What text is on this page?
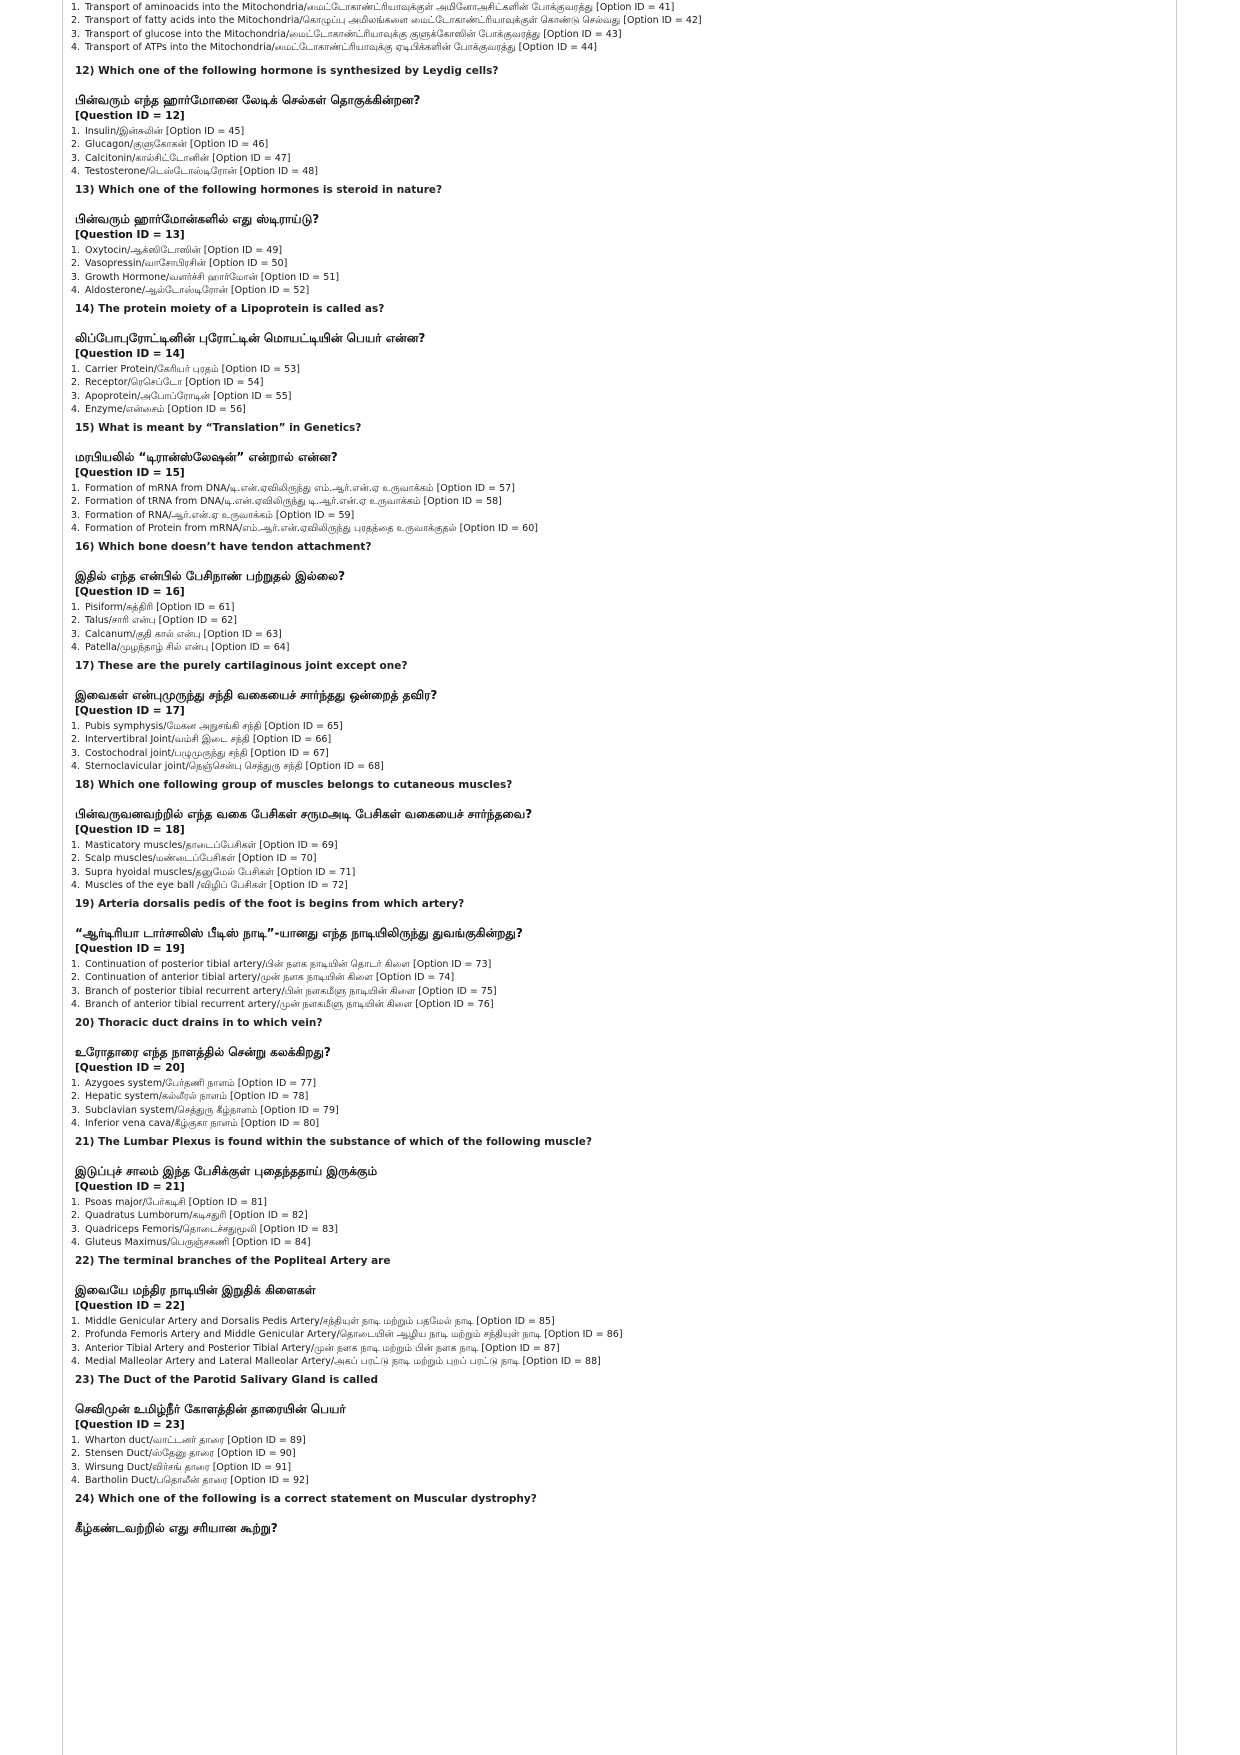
1. Transport of aminoacids into the Mitochondria/மைட்டோகாண்ட்ரியாவுக்குள் அமினோஅசிட்களின் போக்குவரத்து [Option ID = 41]
2. Transport of fatty acids into the Mitochondria/கொழுப்பு அமிலங்களை மைட்டோகாண்ட்ரியாவுக்குள் கொண்டு செல்வது [Option ID = 42]
3. Transport of glucose into the Mitochondria/மைட்டோகாண்ட்ரியாவுக்கு குளுக்கோஸின் போக்குவரத்து [Option ID = 43]
4. Transport of ATPs into the Mitochondria/மைட்டோகாண்ட்ரியாவுக்கு ஏடிபிக்களின் போக்குவரத்து [Option ID = 44]
12) Which one of the following hormone is synthesized by Leydig cells?
பின்வரும் எந்த ஹார்மோனை லேடிக் செல்கள் தொகுக்கின்றன?
[Question ID = 12]
1. Insulin/இன்சுலின் [Option ID = 45]
2. Glucagon/குளுகோகன் [Option ID = 46]
3. Calcitonin/கால்சிட்டோனின் [Option ID = 47]
4. Testosterone/டெஸ்டோஸ்டிரோன் [Option ID = 48]
13) Which one of the following hormones is steroid in nature?
பின்வரும் ஹார்மோன்களில் எது ஸ்டிராய்டு?
[Question ID = 13]
1. Oxytocin/ஆக்ஸிடோஸின் [Option ID = 49]
2. Vasopressin/வாசோபிரசின் [Option ID = 50]
3. Growth Hormone/வளர்ச்சி ஹார்மோன் [Option ID = 51]
4. Aldosterone/ஆல்டோஸ்டிரோன் [Option ID = 52]
14) The protein moiety of a Lipoprotein is called as?
லிப்போபுரோட்டினின் புரோட்டின் மொயட்டியின் பெயர் என்ன?
[Question ID = 14]
1. Carrier Protein/கேரியர் புரதம் [Option ID = 53]
2. Receptor/ரெசெப்டோ [Option ID = 54]
3. Apoprotein/அபோப்ரோடின் [Option ID = 55]
4. Enzyme/என்சைம் [Option ID = 56]
15) What is meant by “Translation” in Genetics?
மரபியலில் “டிரான்ஸ்லேஷன்” என்றால் என்ன?
[Question ID = 15]
1. Formation of mRNA from DNA/டி.என்.ஏவிலிருந்து எம்.ஆர்.என்.ஏ உருவாக்கம் [Option ID = 57]
2. Formation of tRNA from DNA/டி.என்.ஏவிலிருந்து டி.ஆர்.என்.ஏ உருவாக்கம் [Option ID = 58]
3. Formation of RNA/ஆர்.என்.ஏ உருவாக்கம் [Option ID = 59]
4. Formation of Protein from mRNA/எம்.ஆர்.என்.ஏவிலிருந்து புரதத்தை உருவாக்குதல் [Option ID = 60]
16) Which bone doesn’t have tendon attachment?
இதில் எந்த என்பில் பேசிநாண் பற்றுதல் இல்லை?
[Question ID = 16]
1. Pisiform/சுத்திரி [Option ID = 61]
2. Talus/சாரி என்பு [Option ID = 62]
3. Calcanum/குதி கால் என்பு [Option ID = 63]
4. Patella/முழந்தாழ் சில் என்பு [Option ID = 64]
17) These are the purely cartilaginous joint except one?
இவைகள் என்புமுருந்து சந்தி வகையைச் சார்ந்தது ஒன்றைத் தவிர?
[Question ID = 17]
1. Pubis symphysis/மேகன அநுசங்கி சந்தி [Option ID = 65]
2. Intervertibral Joint/வம்சி இடை சந்தி [Option ID = 66]
3. Costochodral joint/பழுமுருந்து சந்தி [Option ID = 67]
4. Sternoclavicular joint/நெஞ்சென்பு செத்துரு சந்தி [Option ID = 68]
18) Which one following group of muscles belongs to cutaneous muscles?
பின்வருவனவற்றில் எந்த வகை பேசிகள் சருமஅடி பேசிகள் வகையைச் சார்ந்தவை?
[Question ID = 18]
1. Masticatory muscles/தாடைப்பேசிகள் [Option ID = 69]
2. Scalp muscles/மண்டைப்பேசிகள் [Option ID = 70]
3. Supra hyoidal muscles/தனுமேல் பேசிகள் [Option ID = 71]
4. Muscles of the eye ball /விழிப் பேசிகள் [Option ID = 72]
19) Arteria dorsalis pedis of the foot is begins from which artery?
“ஆர்டிரியா டார்சாலிஸ் பீடிஸ் நாடி”-யானது எந்த நாடியிலிருந்து துவங்குகின்றது?
[Question ID = 19]
1. Continuation of posterior tibial artery/பின் நளக நாடியின் தொடர் கிளை [Option ID = 73]
2. Continuation of anterior tibial artery/முன் நளக நாடியின் கிளை [Option ID = 74]
3. Branch of posterior tibial recurrent artery/பின் நளகமீளு நாடியின் கிளை [Option ID = 75]
4. Branch of anterior tibial recurrent artery/முன் நளகமீளு நாடியின் கிளை [Option ID = 76]
20) Thoracic duct drains in to which vein?
உரோதாரை எந்த நாளத்தில் சென்று கலக்கிறது?
[Question ID = 20]
1. Azygoes system/பேர்தணி நாளம் [Option ID = 77]
2. Hepatic system/கல்லீரல் நாளம் [Option ID = 78]
3. Subclavian system/செத்துரு கீழ்நாளம் [Option ID = 79]
4. Inferior vena cava/கீழ்குகா நாளம் [Option ID = 80]
21) The Lumbar Plexus is found within the substance of which of the following muscle?
இடுப்புச் சாலம் இந்த பேசிக்குள் புதைந்ததாய் இருக்கும்
[Question ID = 21]
1. Psoas major/பேர்கடிசி [Option ID = 81]
2. Quadratus Lumborum/கடிசதுரி [Option ID = 82]
3. Quadriceps Femoris/தொடைச்சதுமூலி [Option ID = 83]
4. Gluteus Maximus/பெருஞ்சகணி [Option ID = 84]
22) The terminal branches of the Popliteal Artery are
இவையே மந்திர நாடியின் இறுதிக் கிளைகள்
[Question ID = 22]
1. Middle Genicular Artery and Dorsalis Pedis Artery/சந்தியுள் நாடி மற்றும் பதமேல் நாடி [Option ID = 85]
2. Profunda Femoris Artery and Middle Genicular Artery/தொடையின் ஆழிய நாடி மற்றும் சந்தியுள் நாடி [Option ID = 86]
3. Anterior Tibial Artery and Posterior Tibial Artery/முன் நளக நாடி மற்றும் பின் நளக நாடி [Option ID = 87]
4. Medial Malleolar Artery and Lateral Malleolar Artery/அகப் பரட்டு நாடி மற்றும் புறப் பரட்டு நாடி [Option ID = 88]
23) The Duct of the Parotid Salivary Gland is called
செவிமுன் உமிழ்நீர் கோளத்தின் தாரையின் பெயர்
[Question ID = 23]
1. Wharton duct/வாட்டனர் தாரை [Option ID = 89]
2. Stensen Duct/ஸ்தேனு தாரை [Option ID = 90]
3. Wirsung Duct/விர்சங் தாரை [Option ID = 91]
4. Bartholin Duct/பதொலீன் தாரை [Option ID = 92]
24) Which one of the following is a correct statement on Muscular dystrophy?
கீழ்கண்டவற்றில் எது சரியான கூற்று?
